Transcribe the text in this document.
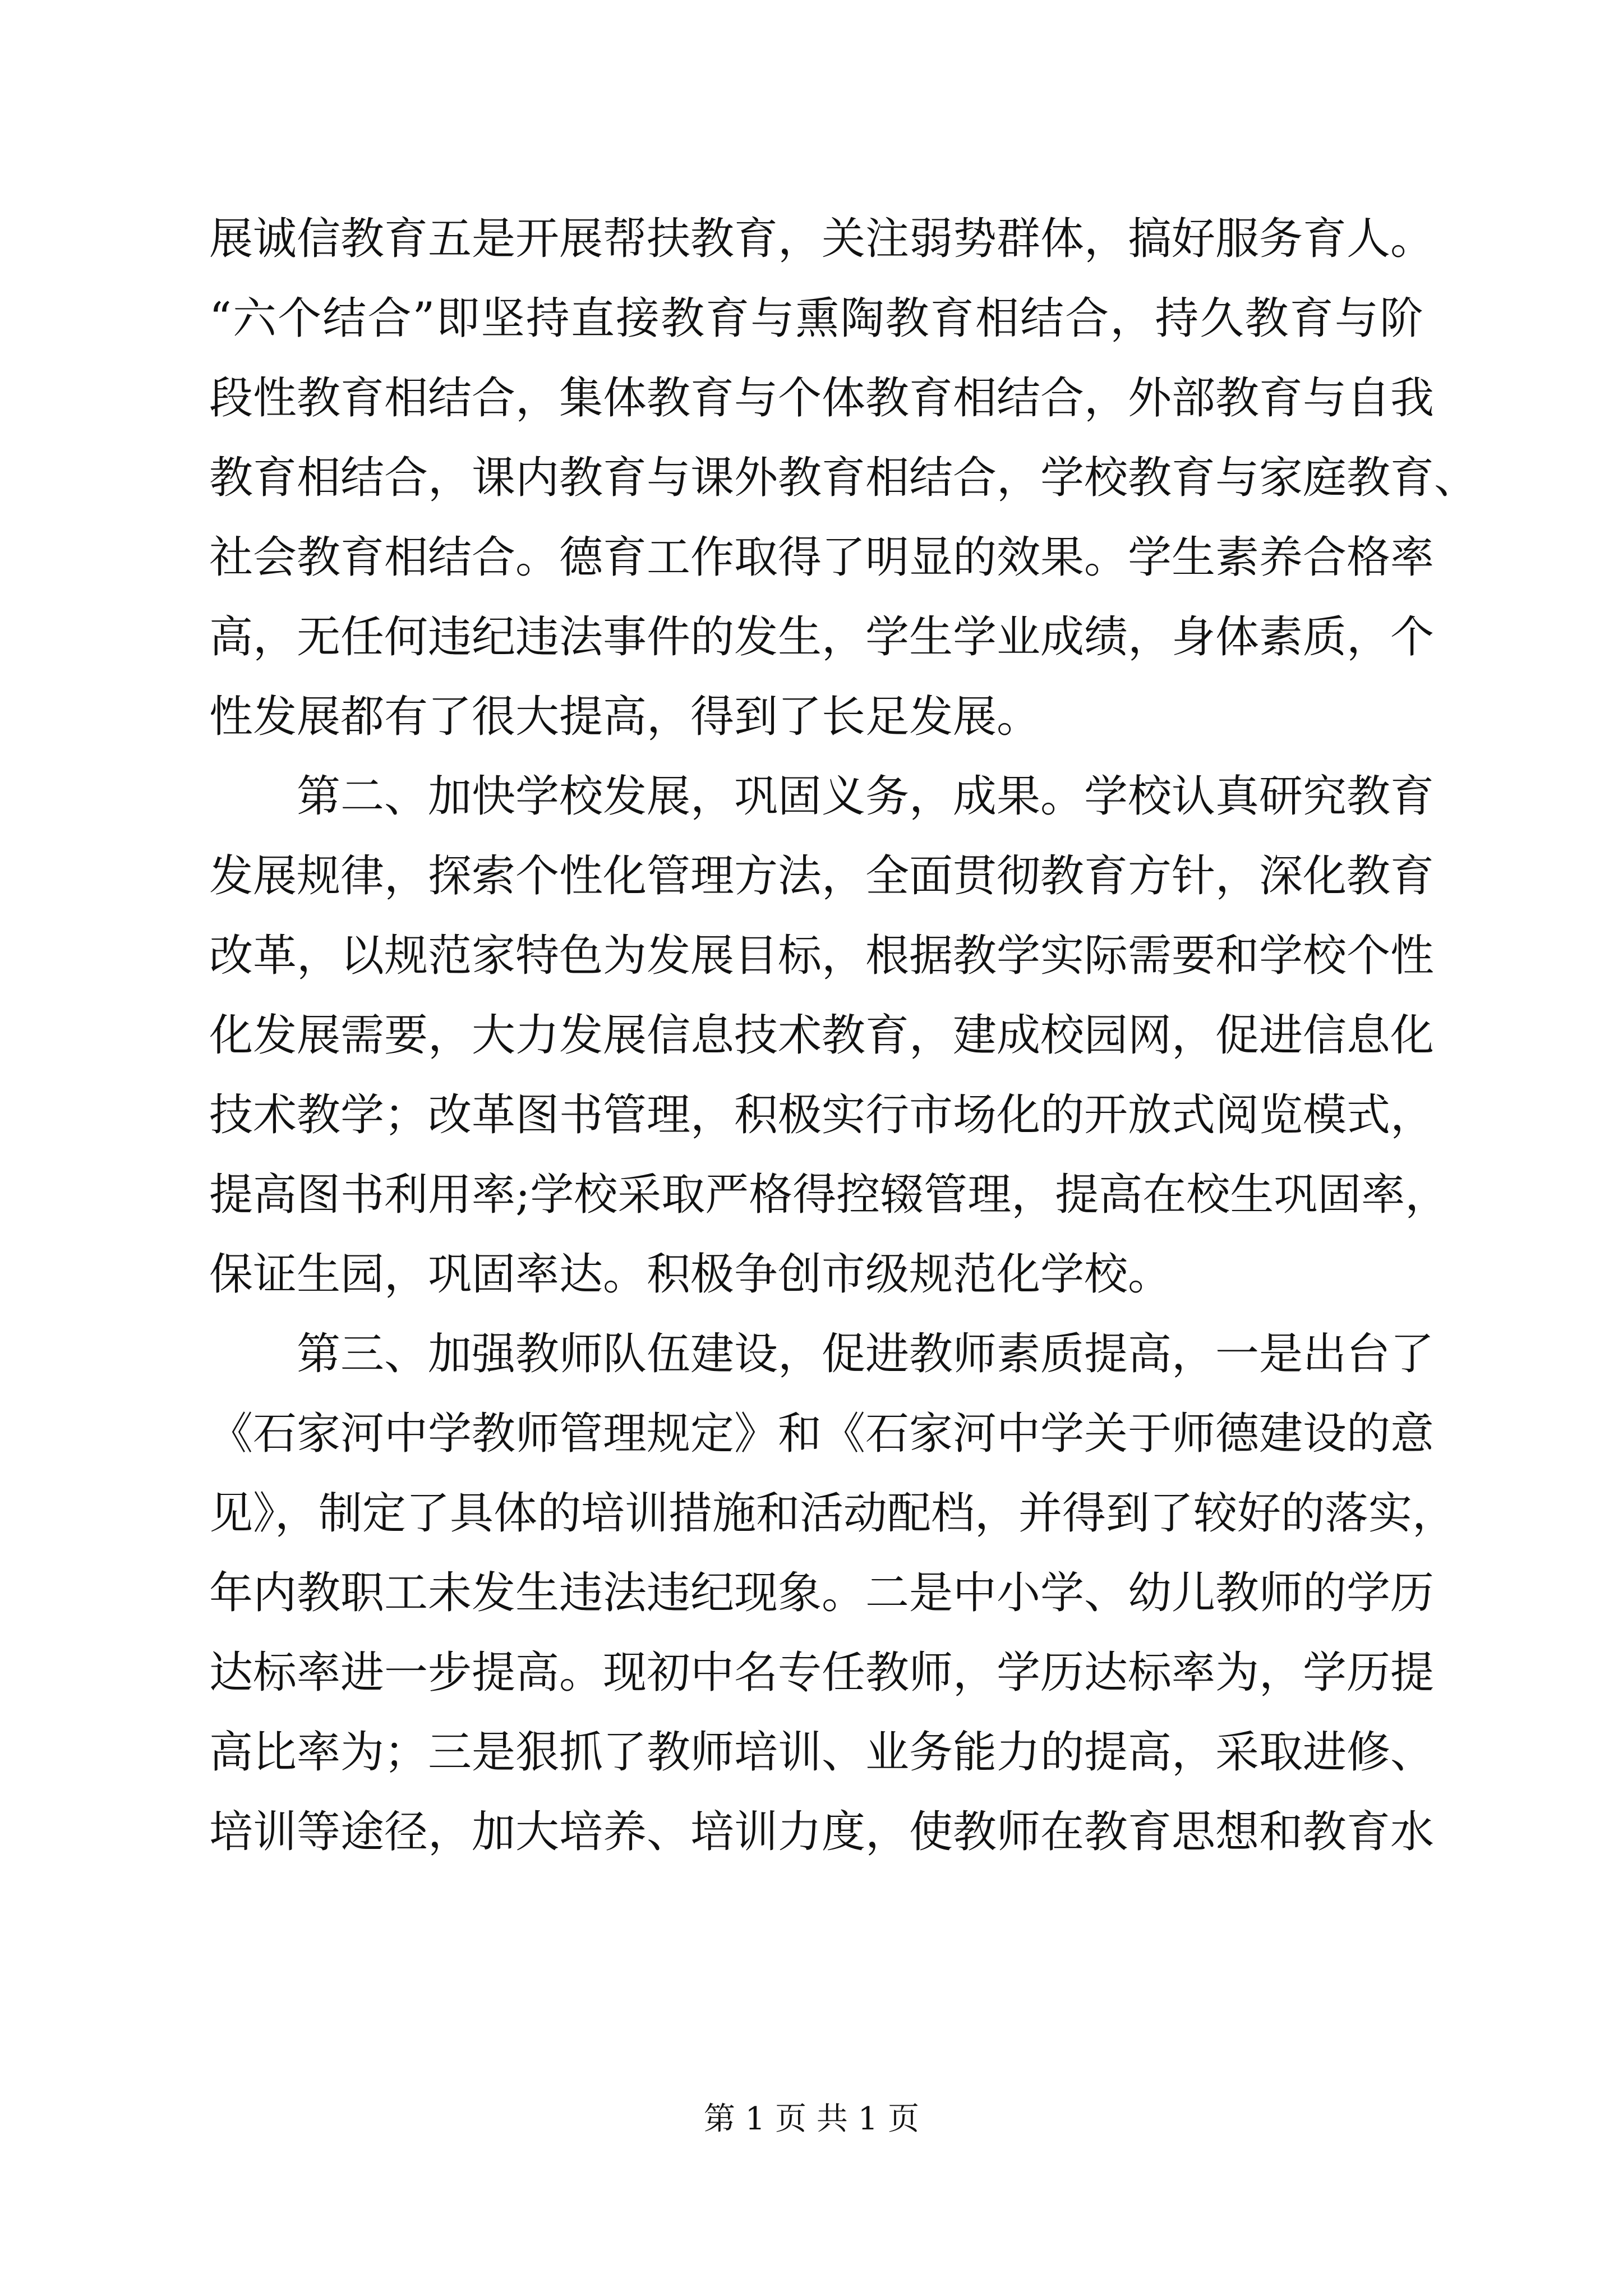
展诚信教育五是开展帮扶教育，关注弱势群体，搞好服务育人。
“六个结合”即坚持直接教育与熏陶教育相结合，持久教育与阶
段性教育相结合，集体教育与个体教育相结合，外部教育与自我
教育相结合，课内教育与课外教育相结合，学校教育与家庭教育、
社会教育相结合。德育工作取得了明显的效果。学生素养合格率
高，无任何违纪违法事件的发生，学生学业成绩，身体素质，个
性发展都有了很大提高，得到了长足发展。
　　第二、加快学校发展，巩固义务，成果。学校认真研究教育
发展规律，探索个性化管理方法，全面贯彻教育方针，深化教育
改革，以规范家特色为发展目标，根据教学实际需要和学校个性
化发展需要，大力发展信息技术教育，建成校园网，促进信息化
技术教学；改革图书管理，积极实行市场化的开放式阅览模式，
提高图书利用率;学校采取严格得控辍管理，提高在校生巩固率，
保证生园，巩固率达。积极争创市级规范化学校。
　　第三、加强教师队伍建设，促进教师素质提高，一是出台了
《石家河中学教师管理规定》和《石家河中学关于师德建设的意
见》，制定了具体的培训措施和活动配档，并得到了较好的落实，
年内教职工未发生违法违纪现象。二是中小学、幼儿教师的学历
达标率进一步提高。现初中名专任教师，学历达标率为，学历提
高比率为；三是狠抓了教师培训、业务能力的提高，采取进修、
培训等途径，加大培养、培训力度，使教师在教育思想和教育水
第 1 页 共 1 页
